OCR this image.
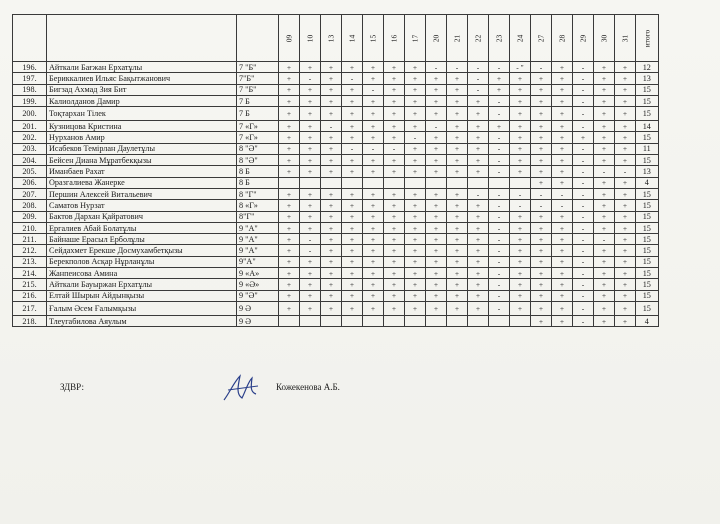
			09	10	13	14	15	16	17	20	21	22	23	24	27	28	29	30	31	итого
196.	Айткали Бағжан Ерхатұлы	7 "Б"	+	+	+	+	+	+	+	-	-	-	-	- "	-	+	-	+	+	12
197.	Бериккалиев Ильяс Бақытжанович	7"Б"	+	-	+	-	+	+	+	+	+	-	+	+	+	+	-	+	+	13
198.	Бигзад Ахмад Зия Бит	7 "Б"	+	+	+	+	-	+	+	+	+	-	+	+	+	+	-	+	+	15
199.	Калиолданов Дамир	7 Б	+	+	+	+	+	+	+	+	+	+	-	+	+	+	-	+	+	15
200.	Тоқтархан Тілек	7 Б	+	+	+	+	+	+	+	+	+	+	-	+	+	+	-	+	+	15
201.	Кузницова Кристина	7 «Г»	+	+	-	+	+	+	+	-	+	+	+	+	+	+	-	+	+	14
202.	Нурханов Амир	7 «Г»	+	+	+	+	+	+	-	+	+	+	-	+	+	+	+	+	+	15
203.	Исабеков Темірлан Даулетұлы	8 "Ә"	+	+	+	-	-	-	+	+	+	+	-	+	+	+	-	+	+	11
204.	Бейсен Диана Мұратбекқызы	8 "Ә"	+	+	+	+	+	+	+	+	+	+	-	+	+	+	-	+	+	15
205.	Иманбаев Рахат	8 Б	+	+	+	+	+	+	+	+	+	+	-	+	+	+	-	-	-	13
206.	Оразгалиева Жанерке	8 Б													+	+	-	+	+	4
207.	Першин Алексей Витальевич	8 "Г"	+	+	+	+	+	+	+	+	+	-	-	-	-	-	-	+	+	15
208.	Саматов Нурзат	8 «Г»	+	+	+	+	+	+	+	+	+	+	-	-	-	-	-	+	+	15
209.	Бактов Дархан Қайратович	8"Г"	+	+	+	+	+	+	+	+	+	+	-	+	+	+	-	+	+	15
210.	Ергалиев Абай Болатұлы	9 "А"	+	+	+	+	+	+	+	+	+	+	-	+	+	+	-	+	+	15
211.	Байнаше Ерасыл Ерболұлы	9 "А"	+	-	+	+	+	+	+	+	+	+	-	+	+	+	-	-	+	15
212.	Сейдахмет Ерекше Досмухамбетқызы	9 "А"	+	-	+	+	+	+	+	+	+	+	-	+	+	+	-	+	+	15
213.	Берекполов Асқар Нұрланұлы	9"А"	+	+	+	+	+	+	+	+	+	+	-	+	+	+	-	+	+	15
214.	Жанпеисова Амина	9 «А»	+	+	+	+	+	+	+	+	+	+	-	+	+	+	-	+	+	15
215.	Айткали Бауыржан Ерхатұлы	9 «Ә»	+	+	+	+	+	+	+	+	+	+	-	+	+	+	-	+	+	15
216.	Елтай Шырын Айдынқызы	9 "Ә"	+	+	+	+	+	+	+	+	+	+	-	+	+	+	-	+	+	15
217.	Ғалым Әсем Ғалымқызы	9 Ә	+	+	+	+	+	+	+	+	+	+	-	+	+	+	-	+	+	15
218.	Тлеугабилова Аяулым	9 Ә													+	+	-	+	+	4
ЗДВР:	Кожекенова А.Б.
